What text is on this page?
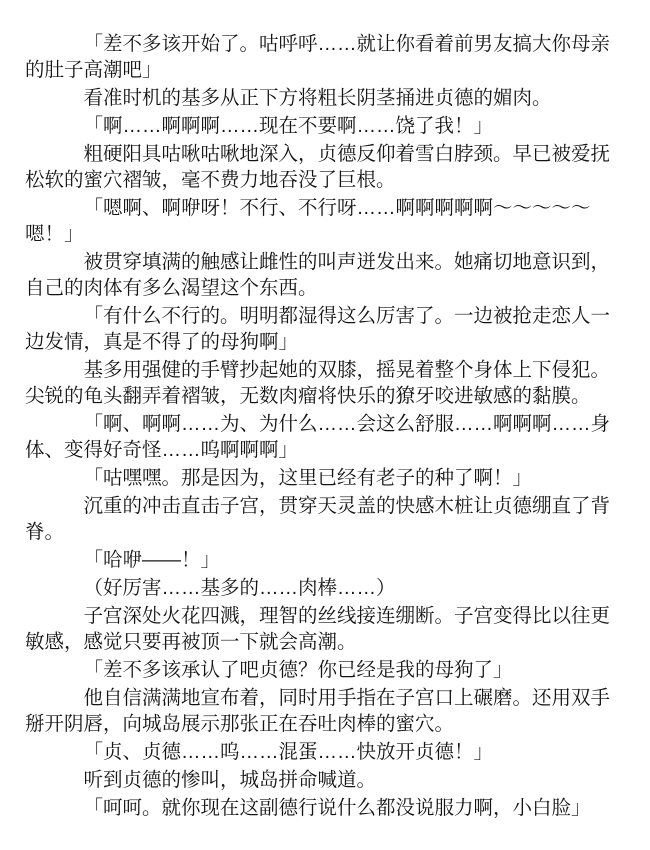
「差不多该开始了。咕呼呼……就让你看着前男友搞大你母亲的肚子高潮吧」

看准时机的基多从正下方将粗长阴茎捅进贞德的媚肉。

「啊……啊啊啊……现在不要啊……饶了我！」

粗硬阳具咕啾咕啾地深入，贞德反仰着雪白脖颈。早已被爱抚松软的蜜穴褶皱，毫不费力地吞没了巨根。

「嗯啊、啊咿呀！不行、不行呀……啊啊啊啊啊～～～～～嗯！」

被贯穿填满的触感让雌性的叫声迸发出来。她痛切地意识到，自己的肉体有多么渴望这个东西。

「有什么不行的。明明都湿得这么厉害了。一边被抢走恋人一边发情，真是不得了的母狗啊」

基多用强健的手臂抄起她的双膝，摇晃着整个身体上下侵犯。尖锐的龟头翻弄着褶皱，无数肉瘤将快乐的獠牙咬进敏感的黏膜。

「啊、啊啊……为、为什么……会这么舒服……啊啊啊……身体、变得好奇怪……呜啊啊啊」

「咕嘿嘿。那是因为，这里已经有老子的种了啊！」

沉重的冲击直击子宫，贯穿天灵盖的快感木桩让贞德绷直了背脊。

「哈咿——！」

（好厉害……基多的……肉棒……）

子宫深处火花四溅，理智的丝线接连绷断。子宫变得比以往更敏感，感觉只要再被顶一下就会高潮。

「差不多该承认了吧贞德？你已经是我的母狗了」

他自信满满地宣布着，同时用手指在子宫口上碾磨。还用双手掰开阴唇，向城岛展示那张正在吞吐肉棒的蜜穴。

「贞、贞德……呜……混蛋……快放开贞德！」

听到贞德的惨叫，城岛拼命喊道。

「呵呵。就你现在这副德行说什么都没说服力啊，小白脸」
